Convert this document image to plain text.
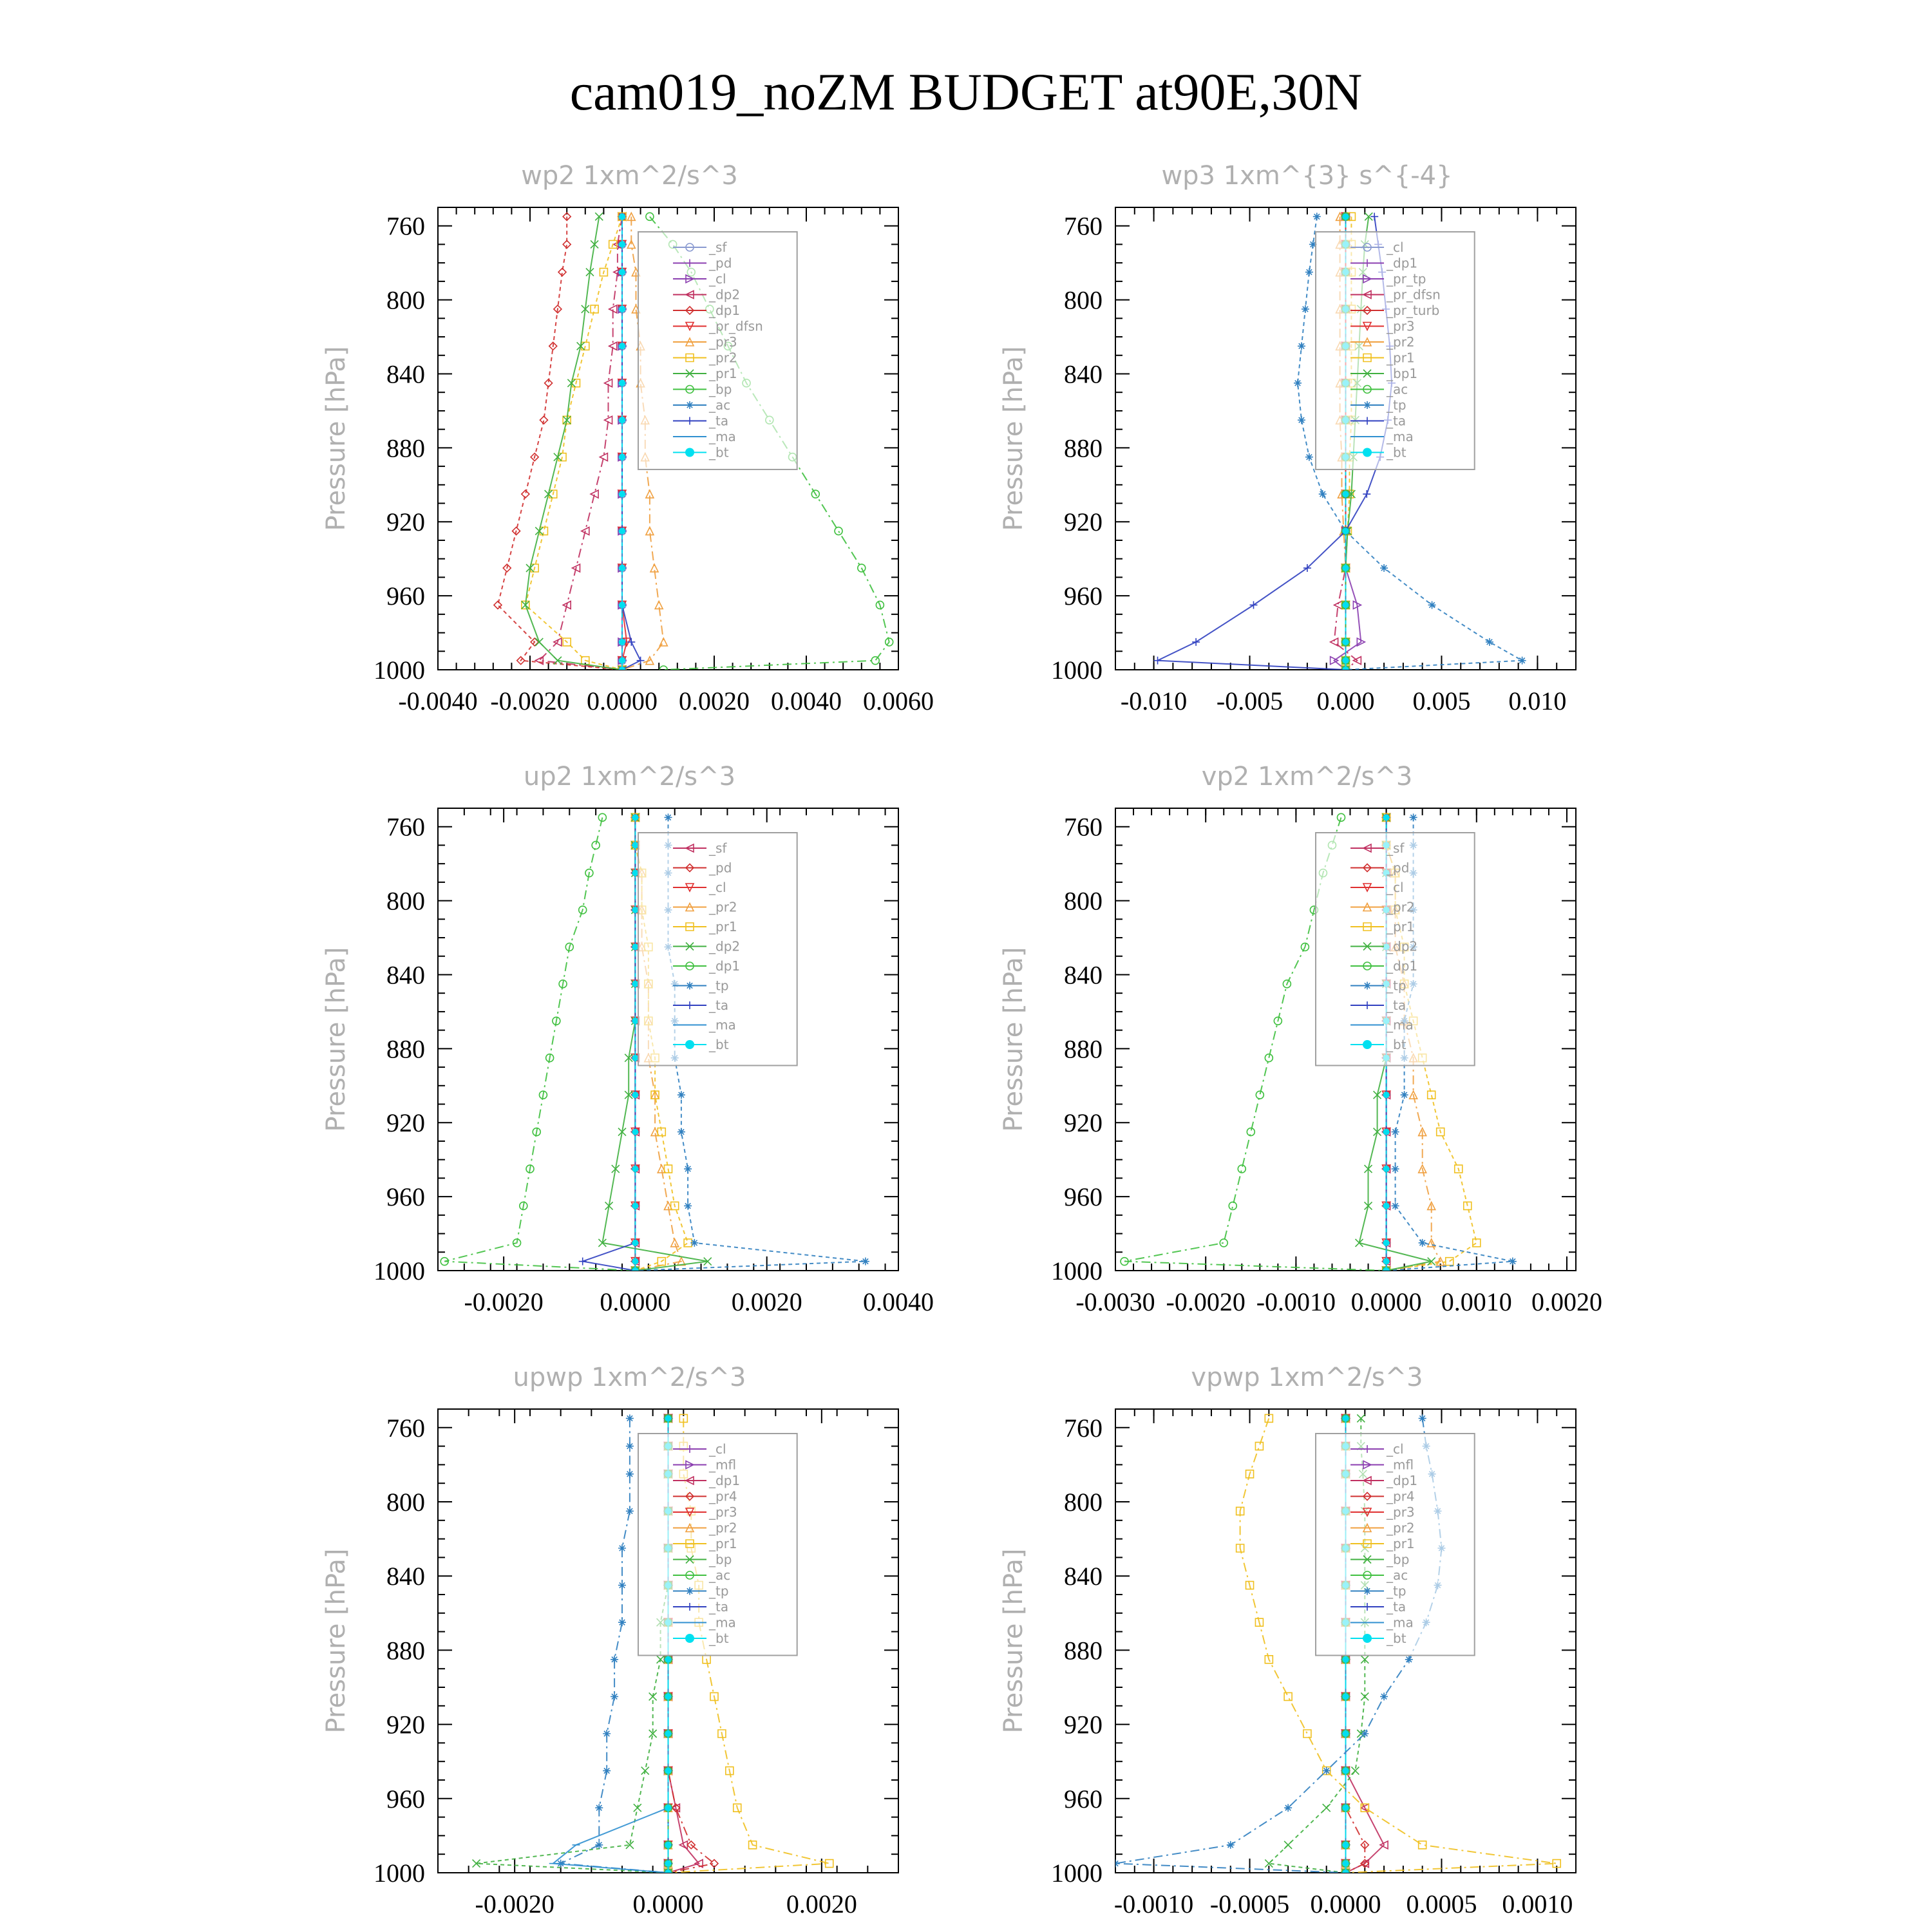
cam019_noZM BUDGET at90E,30N
wp2 1xm^2/s^3
Pressure [hPa]
760
800
840
880
920
960
1000
-0.0040 -0.0020 0.0000 0.0020 0.0040 0.0060
_sf
_pd
_cl
_dp2
_dp1
_pr_dfsn
_pr3
_pr2
_pr1
_bp
_ac
_ta
_ma
_bt
wp3 1xm^{3} s^{-4}
Pressure [hPa]
760
800
840
880
920
960
1000
-0.010 -0.005 0.000 0.005 0.010
_cl
_dp1
_pr_tp
_pr_dfsn
_pr_turb
_pr3
_pr2
_pr1
_bp1
_ac
_tp
_ta
_ma
_bt
up2 1xm^2/s^3
Pressure [hPa]
760
800
840
880
920
960
1000
-0.0020 0.0000 0.0020 0.0040
_sf
_pd
_cl
_pr2
_pr1
_dp2
_dp1
_tp
_ta
_ma
_bt
vp2 1xm^2/s^3
Pressure [hPa]
760
800
840
880
920
960
1000
-0.0030 -0.0020 -0.0010 0.0000 0.0010 0.0020
_sf
_pd
_cl
_pr2
_pr1
_dp2
_dp1
_tp
_ta
_ma
_bt
upwp 1xm^2/s^3
Pressure [hPa]
760
800
840
880
920
960
1000
-0.0020	0.0000	0.0020
_cl
_mfl
_dp1
_pr4
_pr3
_pr2
_pr1
_bp
_ac
_tp
_ta
_ma
_bt
vpwp 1xm^2/s^3
Pressure [hPa]
760
800
840
880
920
960
1000
-0.0010 -0.0005 0.0000 0.0005 0.0010
_cl
_mfl
_dp1
_pr4
_pr3
_pr2
_pr1
_bp
_ac
_tp
_ta
_ma
_bt
